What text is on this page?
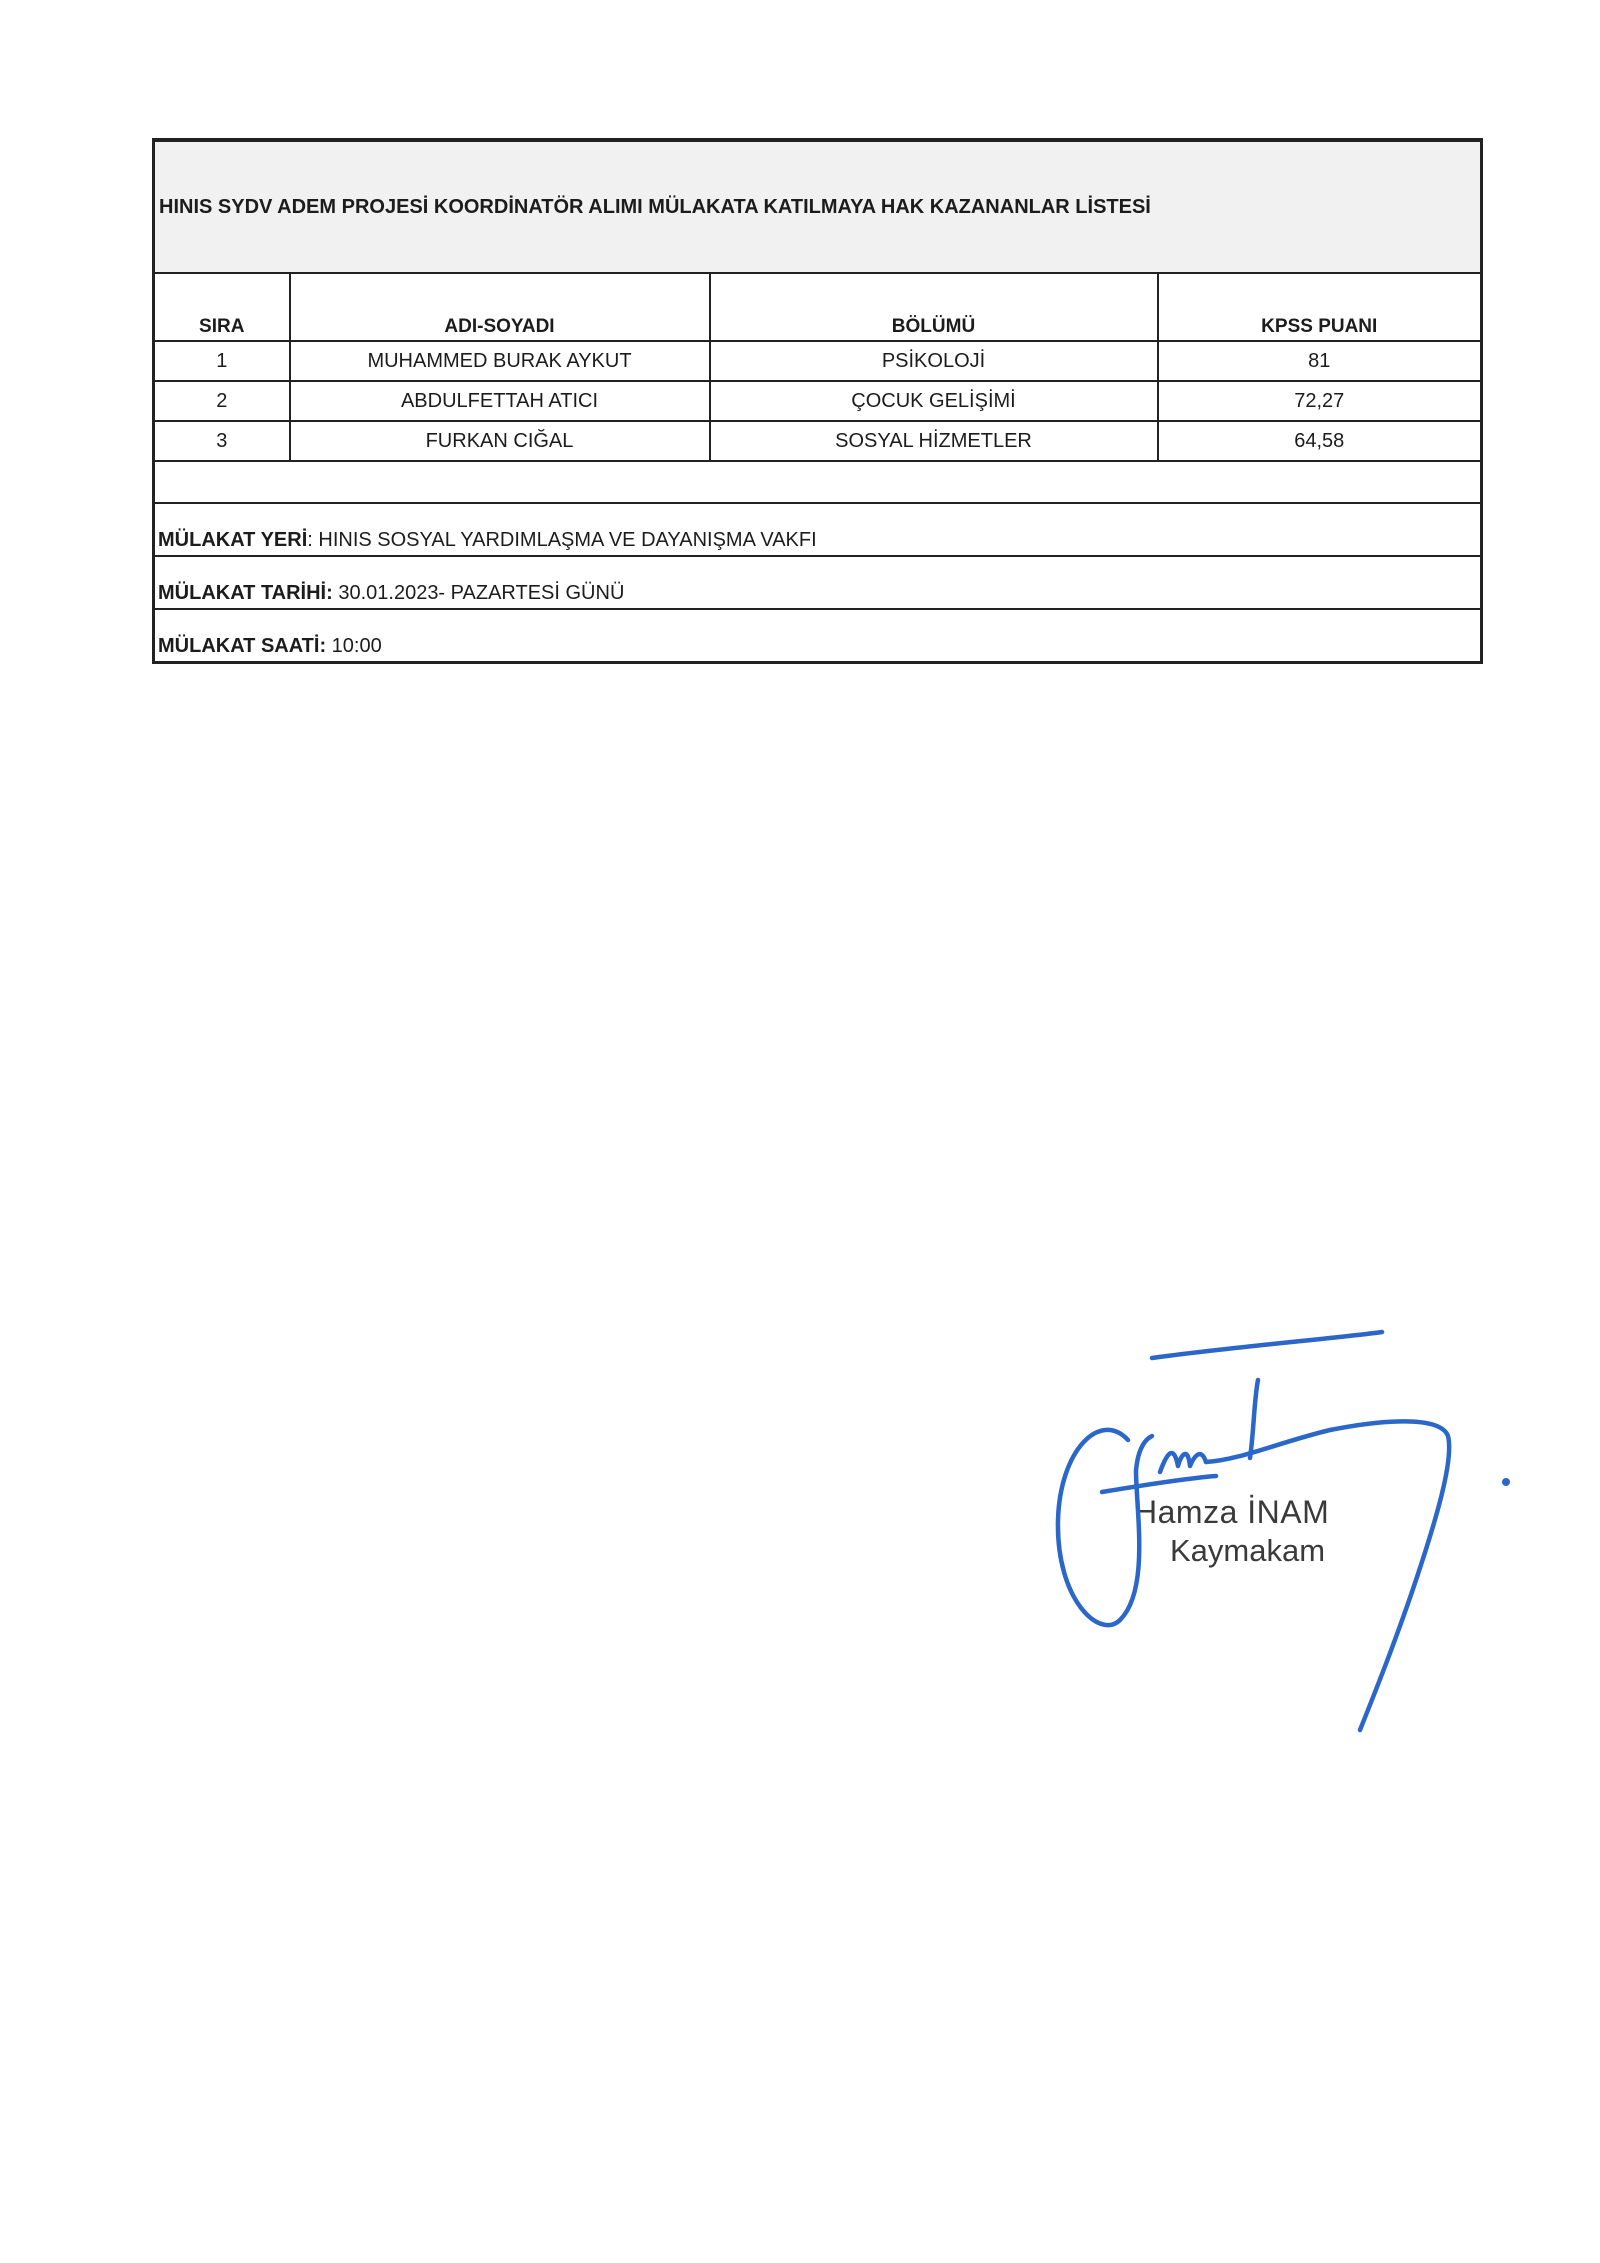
HINIS SYDV ADEM PROJESİ KOORDİNATÖR ALIMI MÜLAKATA KATILMAYA HAK KAZANANLAR LİSTESİ			
SIRA	ADI-SOYADI	BÖLÜMÜ	KPSS PUANI
1	MUHAMMED BURAK AYKUT	PSİKOLOJİ	81
2	ABDULFETTAH ATICI	ÇOCUK GELİŞİMİ	72,27
3	FURKAN CIĞAL	SOSYAL HİZMETLER	64,58

MÜLAKAT YERİ: HINIS SOSYAL YARDIMLAŞMA VE DAYANIŞMA VAKFI			
MÜLAKAT TARİHİ: 30.01.2023- PAZARTESİ GÜNÜ			
MÜLAKAT SAATİ: 10:00			
Hamza İNAM
Kaymakam
